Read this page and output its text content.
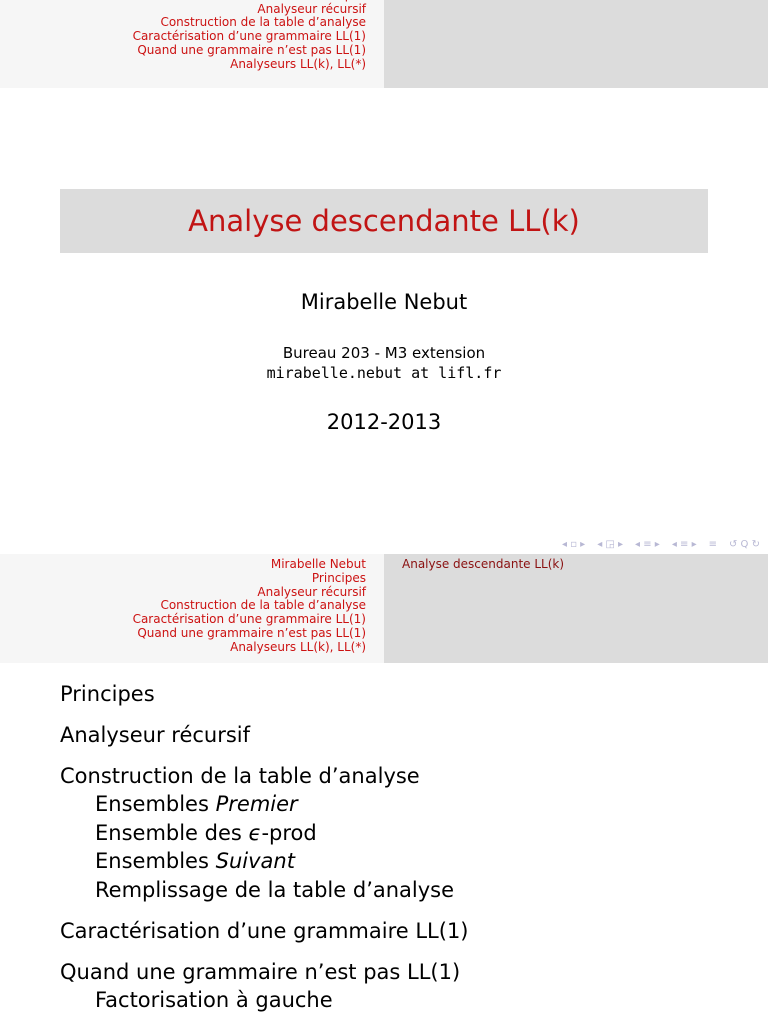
Analyseur récursif
Construction de la table d’analyse
Caractérisation d’une grammaire LL(1)
Quand une grammaire n’est pas LL(1)
Analyseurs LL(k), LL(*)
Analyse descendante LL(k)
Mirabelle Nebut
Bureau 203 - M3 extension
mirabelle.nebut at lifl.fr
2012-2013
◂ ▫ ▸ ◂ ◲ ▸ ◂ ≡ ▸ ◂ ≡ ▸ ≡ ↺ Q ↻
Mirabelle Nebut
Principes
Analyseur récursif
Construction de la table d’analyse
Caractérisation d’une grammaire LL(1)
Quand une grammaire n’est pas LL(1)
Analyseurs LL(k), LL(*)
Analyse descendante LL(k)
Principes
Analyseur récursif
Construction de la table d’analyse
Ensembles Premier
Ensemble des ϵ-prod
Ensembles Suivant
Remplissage de la table d’analyse
Caractérisation d’une grammaire LL(1)
Quand une grammaire n’est pas LL(1)
Factorisation à gauche
